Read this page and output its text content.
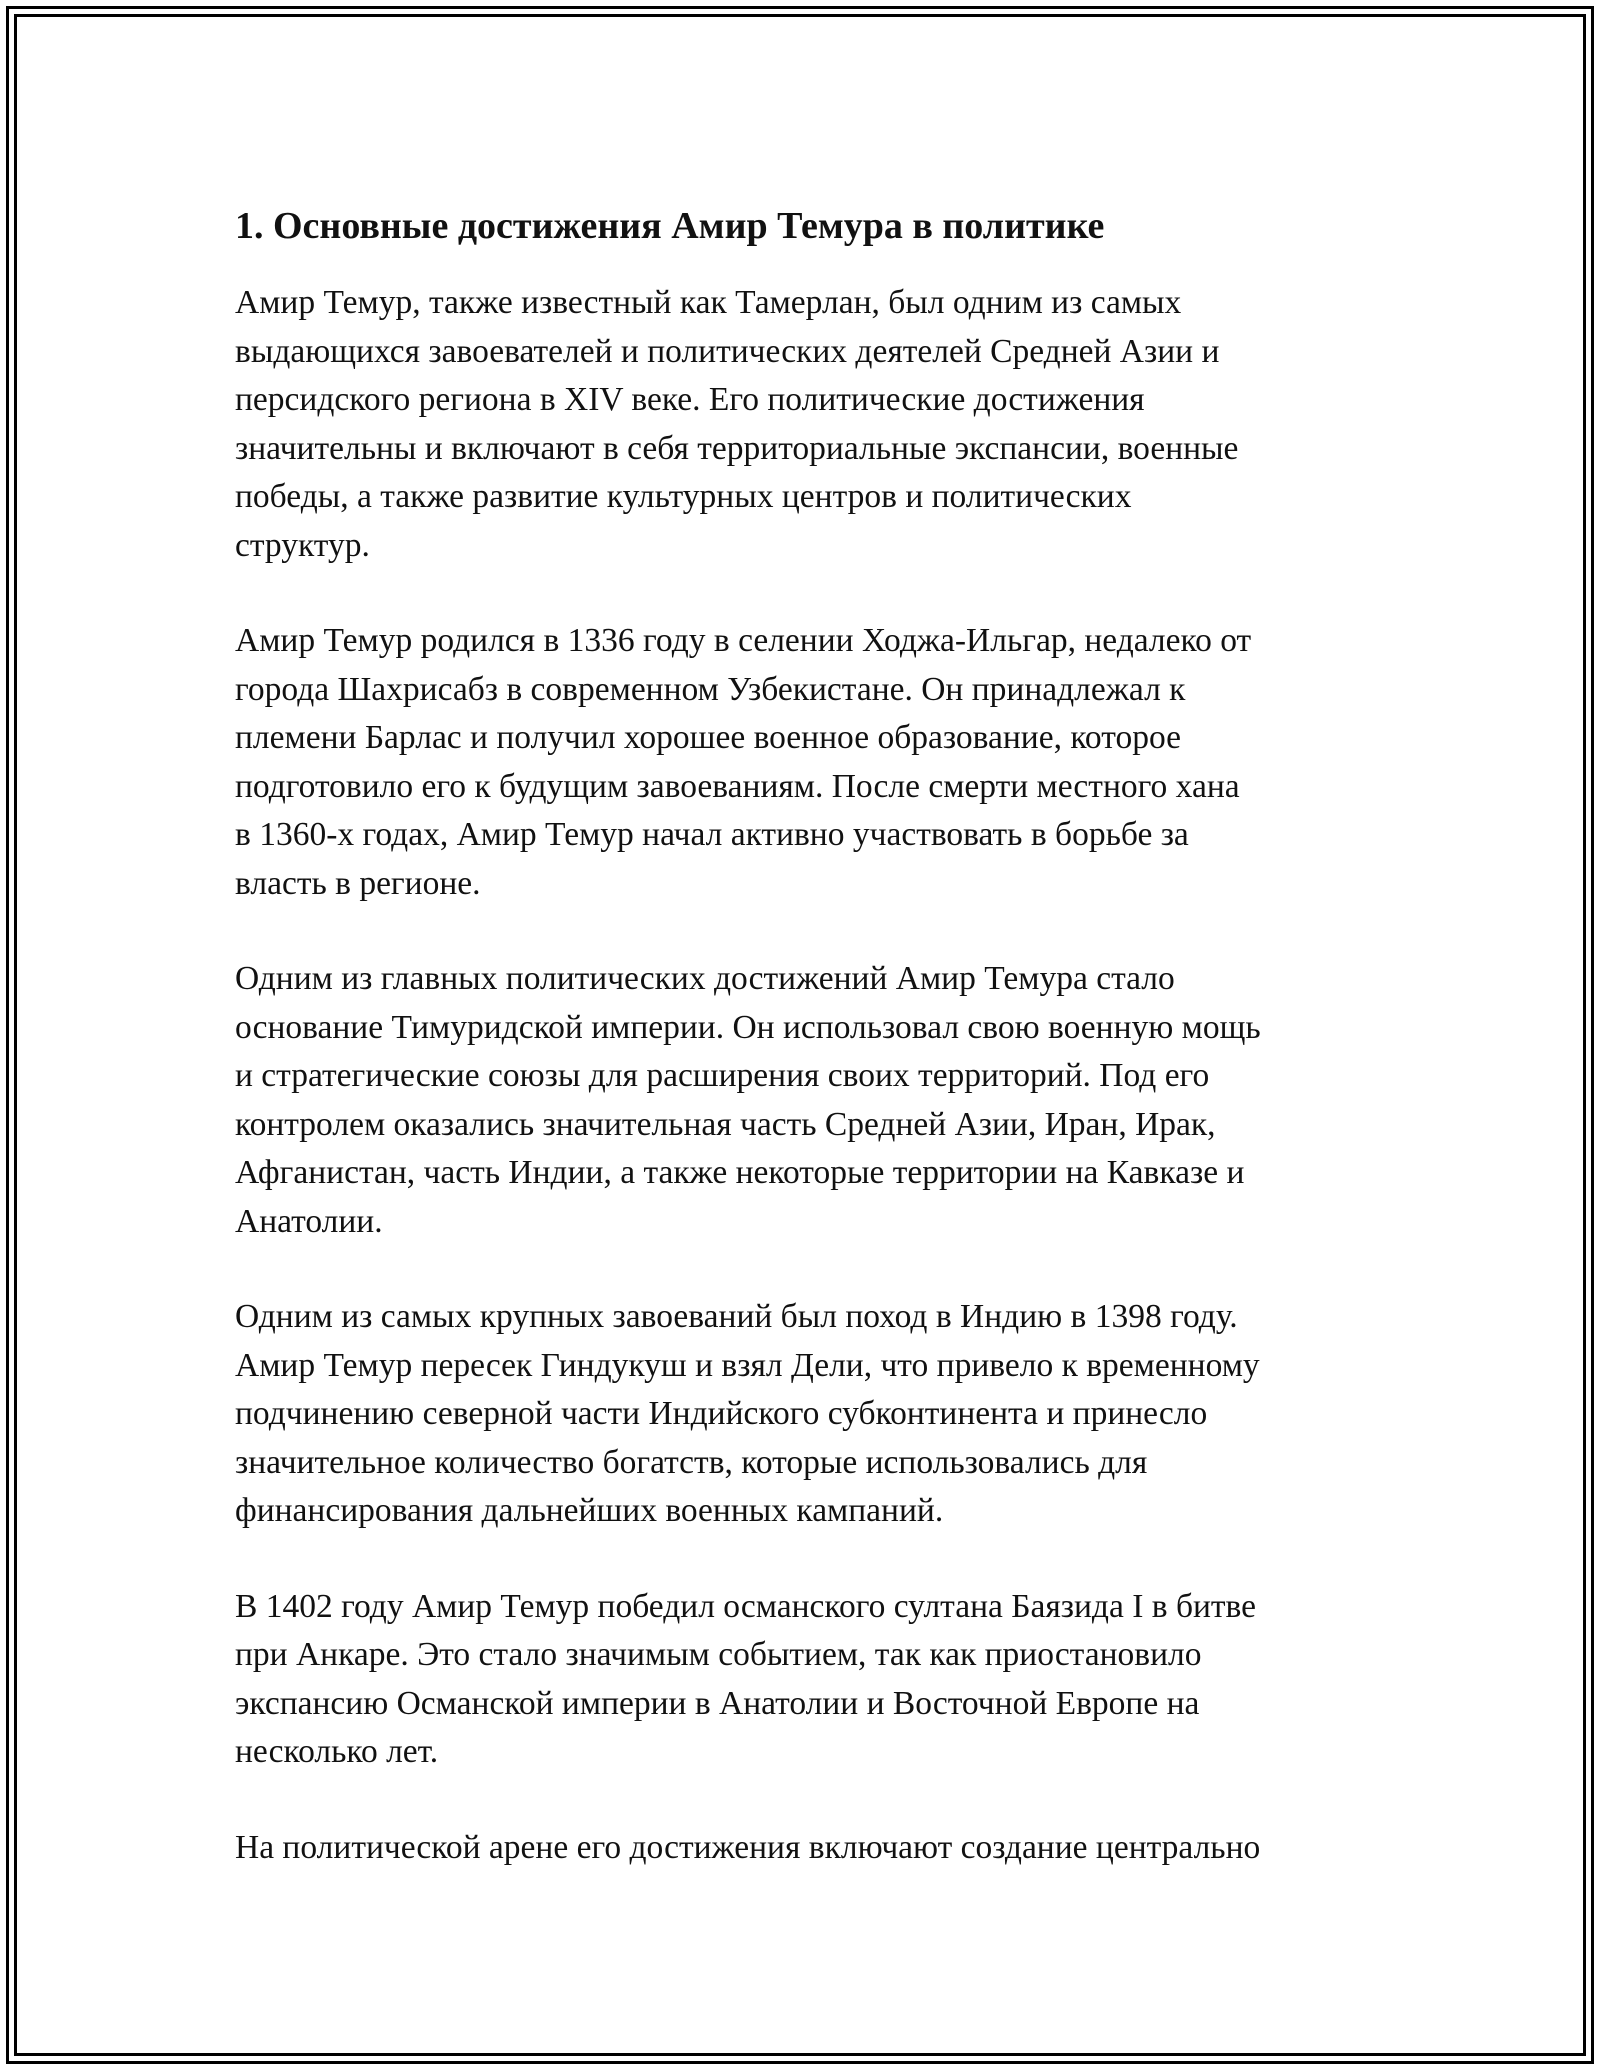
1. Основные достижения Амир Темура в политике

Амир Темур, также известный как Тамерлан, был одним из самых
выдающихся завоевателей и политических деятелей Средней Азии и
персидского региона в XIV веке. Его политические достижения
значительны и включают в себя территориальные экспансии, военные
победы, а также развитие культурных центров и политических
структур.

Амир Темур родился в 1336 году в селении Ходжа-Ильгар, недалеко от
города Шахрисабз в современном Узбекистане. Он принадлежал к
племени Барлас и получил хорошее военное образование, которое
подготовило его к будущим завоеваниям. После смерти местного хана
в 1360-х годах, Амир Темур начал активно участвовать в борьбе за
власть в регионе.

Одним из главных политических достижений Амир Темура стало
основание Тимуридской империи. Он использовал свою военную мощь
и стратегические союзы для расширения своих территорий. Под его
контролем оказались значительная часть Средней Азии, Иран, Ирак,
Афганистан, часть Индии, а также некоторые территории на Кавказе и
Анатолии.

Одним из самых крупных завоеваний был поход в Индию в 1398 году.
Амир Темур пересек Гиндукуш и взял Дели, что привело к временному
подчинению северной части Индийского субконтинента и принесло
значительное количество богатств, которые использовались для
финансирования дальнейших военных кампаний.

В 1402 году Амир Темур победил османского султана Баязида I в битве
при Анкаре. Это стало значимым событием, так как приостановило
экспансию Османской империи в Анатолии и Восточной Европе на
несколько лет.

На политической арене его достижения включают создание центральнo
